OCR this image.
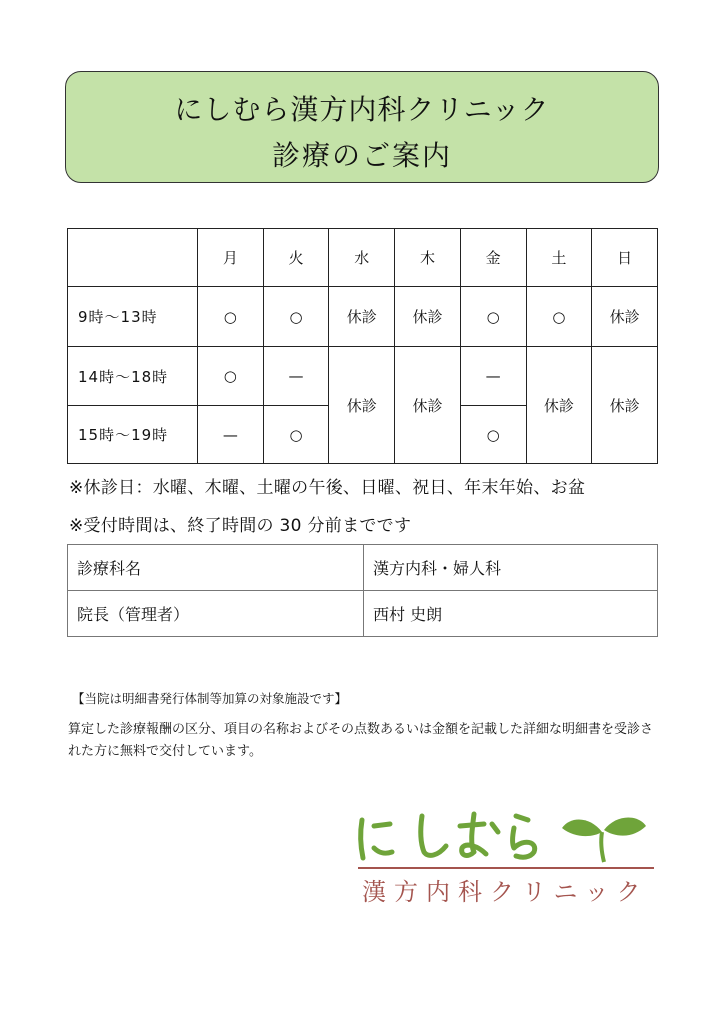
にしむら漢方内科クリニック
診療のご案内
	月	火	水	木	金	土	日
9時〜13時	○	○	休診	休診	○	○	休診
14時〜18時	○	—	休診	休診	—	休診	休診
15時〜19時	—	○			○		
※休診日：水曜、木曜、土曜の午後、日曜、祝日、年末年始、お盆
※受付時間は、終了時間の 30 分前までです
診療科名	漢方内科・婦人科
院長（管理者）	西村 史朗
【当院は明細書発行体制等加算の対象施設です】
算定した診療報酬の区分、項目の名称およびその点数あるいは金額を記載した詳細な明細書を受診された方に無料で交付しています。
漢方内科クリニック
